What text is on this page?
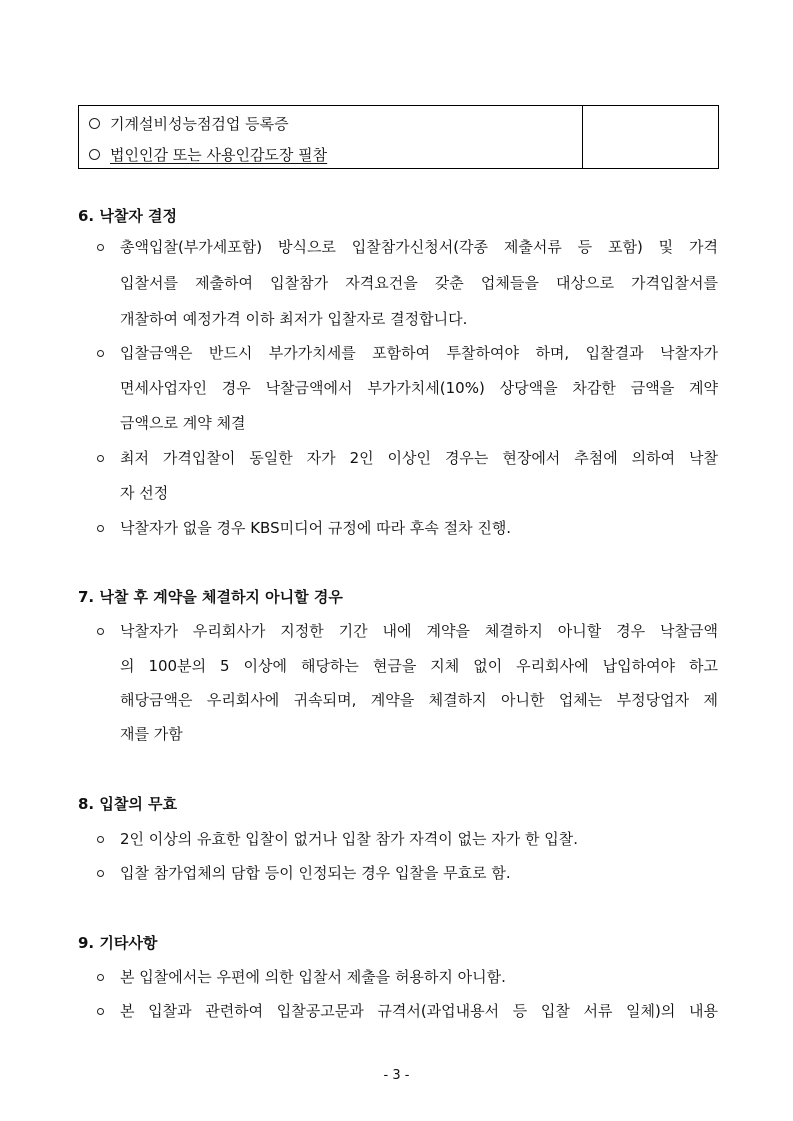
기계설비성능점검업 등록증
법인인감 또는 사용인감도장 필참
6. 낙찰자 결정
총액입찰(부가세포함) 방식으로 입찰참가신청서(각종 제출서류 등 포함) 및 가격
입찰서를 제출하여 입찰참가 자격요건을 갖춘 업체들을 대상으로 가격입찰서를
개찰하여 예정가격 이하 최저가 입찰자로 결정합니다.
입찰금액은 반드시 부가가치세를 포함하여 투찰하여야 하며, 입찰결과 낙찰자가
면세사업자인 경우 낙찰금액에서 부가가치세(10%) 상당액을 차감한 금액을 계약
금액으로 계약 체결
최저 가격입찰이 동일한 자가 2인 이상인 경우는 현장에서 추첨에 의하여 낙찰
자 선정
낙찰자가 없을 경우 KBS미디어 규정에 따라 후속 절차 진행.
7. 낙찰 후 계약을 체결하지 아니할 경우
낙찰자가 우리회사가 지정한 기간 내에 계약을 체결하지 아니할 경우 낙찰금액
의 100분의 5 이상에 해당하는 현금을 지체 없이 우리회사에 납입하여야 하고
해당금액은 우리회사에 귀속되며, 계약을 체결하지 아니한 업체는 부정당업자 제
재를 가함
8. 입찰의 무효
2인 이상의 유효한 입찰이 없거나 입찰 참가 자격이 없는 자가 한 입찰.
입찰 참가업체의 담합 등이 인정되는 경우 입찰을 무효로 함.
9. 기타사항
본 입찰에서는 우편에 의한 입찰서 제출을 허용하지 아니함.
본 입찰과 관련하여 입찰공고문과 규격서(과업내용서 등 입찰 서류 일체)의 내용
- 3 -
